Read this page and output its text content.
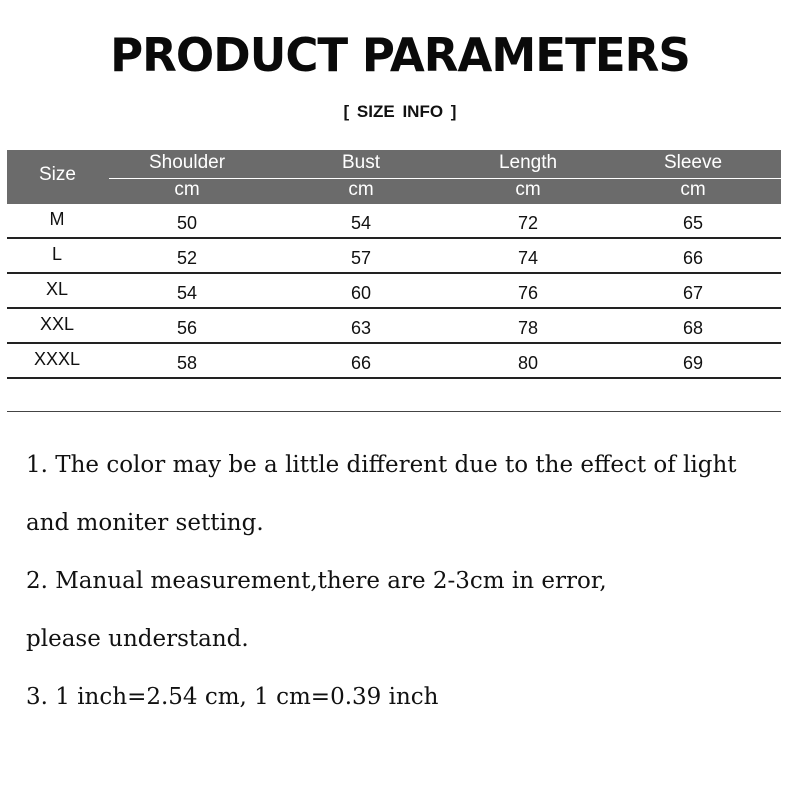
PRODUCT PARAMETERS
[ SIZE INFO ]
Size
Shoulder	Bust	Length	Sleeve
cm	cm	cm	cm
M	50	54	72	65
L	52	57	74	66
XL	54	60	76	67
XXL	56	63	78	68
XXXL	58	66	80	69

1. The color may be a little different due to the effect of light

and moniter setting.

2. Manual measurement,there are 2-3cm in error,

please understand.

3. 1 inch=2.54 cm, 1 cm=0.39 inch
